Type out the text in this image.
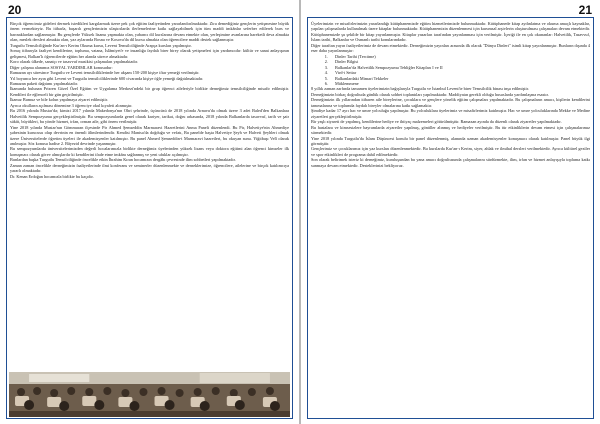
20

Birçok öğrencimiz gideleri dermek istedikleri kargılarmak üzere pek çok eğitim faaliyetinden yararlandırılmaktadır. Zira demediğiniz gençlerin yetişmesine büyük önem vermekteyiz. Bu itibarla, başarılı gençlerimizin ulaştırılarda ilerlemelerine katkı sağlayabilmek için tüm maddi imkânlar seferber edilerek burs ve barınaklardan sağlanmıştır. Bu gençlerde Yüksek lisansı yapmakta olan, yabancı dil kurslarına devam etmekte olan, yerleşimine avanlarına hareketli deva almakta olan, meslek dersleri almakta olan, yaz aylarında Bosna ve Kosova'da dil kursu almakta olan öğrencilere maddi destek sağlanmıştır.

Turgutlu Temsilciliğinde Kur'an-ı Kerim Okuma kursu, Levent Temsilciliğinde Arapça kursları yapılmıştır.

Sonuç itibarıyla faaliyet kendilerine, topluma, vatana, İslâmiyet'e ve insanlığa faydalı birer birey olarak yetişmeleri için yardımcıdır: kültür ve sanat anlayışının gelişmesi, Balkan'lı öğrencilerde eğitim her alanda sürece almaktadır.

Koro olarak ülkede, sanatçı ve tasavvuf musikisi çalışmaları yapılmaktadır.

Diğer çalışma alanımız SOSYAL YARDIMLAR konusudur:

Ramazan ayı süresince Turgutlu ve Levent temsilciliklerinde her akşam 150-200 kişiye iftar yemeği verilmiştir.

Yıl boyunca her ayın gibi Levent ve Turgutlu temsilciliklerinde 600 civarında kişiye öğle yemeği dağıtılmaktadır.

Ramazan paketi dağıtımı yapılmaktadır.

İkamında bulunan Prizren Gözel Özel Eğitim ve Uygulama Merkezi'ndeki bir grup öğrenci aileleriyle birlikte derneğimiz temsilciliğinde misafir edilmiştir. Kendileri ile eğlenceli bir gün geçirilmiştir.

İkamız Bumuz ve bile kolun yapılmaya ziyaret edilmiştir.

Ayrıca okulların açılması dönemine 3 öğrenciye okul kıyafeti alınmıştır.

Bu 2016 yılında Mustar'da; kimizi 2017 yılında Makedonya'nın Ohri şehrinde, üçüncüsü de 2018 yılında Arnavu'da olmak üzere 3 adet Baled'den Balkanlara Halvetilik Sempozyumu gerçekleştirilmiştir. Bu sempozyumlarda genel olarak kariyer, tarikat, doğru arkasında, 2018 yılında Balkanlarda tasavvuf, tarih ve şair sükût, büyükleri, bu yönde hizmet, irfan, orman aile, gibi önem verilmiştir.

Yine 2018 yılında Mustar'nın Gömmuran ilçesinde Pir Ahmed Şemseddin Marmaravi Hazretlerini Anma Paneli düzenlendi. Bu Pir, Halvetiye'nin Ahmediye şubesinin kurucusu olup devrinin en önemli âlimlerindendir. Kendisi Manisa'da doğduğu ve vefatı, Bu panelde başta Halvetiye Şeyh ve Halveti Şeyhleri olmak üzere Üniversitelerde öğretim üyeleri ile akademisyenler katılmıştır. Bu panel Ahmed Şemseddin-i Marmaravi hazretleri, bu okuyan sunu. Yiğitbaşı Velî olarak anılmıştır. Söz konusu hadise 2. Bâyezid devrinde yaşanmıştır.

Bu sempozyumlarda üniversitelerimizden değerli hocalarımızla birlikte derneğimiz üyelerinden yüksek lisans veya doktora eğitimi alan öğrenci kimseler ilk konuşmacı olarak görev almışlardır ki kendilerini ifade etme imkânı sağlanmış ve yeni ufuklar açılmıştır.

Bunlardan başka Turgutlu Temsilciliğinde öncelikle etkin İbrahim Kıran hocamızın dergâhı çevresinde ilim sohbetleri yapılmaktadır.

Zaman zaman öncelikle derneğimizin faaliyetlerinde ilmi konferans ve seminerler düzenlenmekte ve derneklerimize, öğrencilere, ailelerine ve birçok katılımcıya yararlı olmaktadır.

Dr. Kenan Erdoğan hocamızla birlikte bu kaçıdır.

21

Üyelerimizin ve misafirlerimizin yararlandığı kütüphanemizde eğitim hizmetlerimizde bulunmaktadır. Kütüphanede kitap aydınlatma ve okuma amaçlı kaynaklar, yapılan çalışmalarda kullanılmak üzere kitaplar bulunmaktadır. Kütüphanemizin düzenlenmesi için kurumsal arşivlerin oluşturulması çalışmaları devam etmektedir.

Kütüphanemizde şu şekilde bir kitap yayınlanmıştır. Kitaplar yazarları tarafından yayınlanması için verilmiştir. İçeriği ile en çok okunanlar: Halvetilik, Tasavvuf, İslam tarihi, Balkanlar ve Osmanlı tarihi konularındadır.

Diğer taraftan yayın faaliyetlerimiz de devam etmektedir. Derneğimizin yayınları arasında ilk olarak "Dünya Dinleri" isimli kitap yayınlanmıştır. Bunların dışında 4 eser daha yayınlanmıştır:

1. Dinler Tarihi (Tercüme)
2. Dinler Bilgisi
3. Balkanlar'da Halvetilik Sempozyumu Tebliğler Kitapları I ve II
4. Vird-i Settar
5. Balkanlardaki Mimari Tekkeler
6. Müklemmene

8 yıllık zaman zarfında tamamen üyelerimizin bağışlarıyla Turgutlu ve İstanbul Levent'te birer Temsilcilik binası inşa edilmiştir.

Derneğimizin birkaç doğrultuda günlük olarak sohbet toplantıları yapılmaktadır. Maddiyatın gerekli olduğu hususlarda yardımlaşma esastır.

Derneğimizin ilk yıllarından itibaren aile bireylerine, çocuklara ve gençlere yönelik eğitim çalışmaları yapılmaktadır. Bu çalışmaların amacı, kişilerin kendilerini tanımalarına ve toplumda faydalı bireyler olmalarına katkı sağlamaktır.

Şimdiye kadar 17 ayrı hac ve umre yolculuğu yapılmıştır. Bu yolculuklara üyelerimiz ve misafirlerimiz katılmıştır. Hac ve umre yolculuklarında Mekke ve Medine ziyaretleri gerçekleştirilmiştir.

Bir yaşlı ziyareti de yapılmış, kendilerine hediye ve ihtiyaç malzemeleri götürülmüştür. Ramazan ayında da düzenli olarak ziyaretler yapılmaktadır.

Bu hastalara ve kimsesizlere bayramlarda ziyaretler yapılmış, gönüller alınmış ve hediyeler verilmiştir. Bu tür etkinliklerin devam etmesi için çalışmalarımız sürmektedir.

Yine 2018 yılında Turgutlu'da İslam Düşüncesi konulu bir panel düzenlenmiş, alanında uzman akademisyenler konuşmacı olarak katılmıştır. Panel büyük ilgi görmüştür.

Gençlerimiz ve çocuklarımız için yaz kursları düzenlenmektedir. Bu kurslarda Kur'an-ı Kerim, siyer, ahlak ve ilmihal dersleri verilmektedir. Ayrıca kültürel geziler ve spor etkinlikleri de programa dahil edilmektedir.

Son olarak belirtmek isteriz ki derneğimiz, kuruluşundan bu yana amacı doğrultusunda çalışmalarını sürdürmekte, ilim, irfan ve hizmet anlayışıyla topluma katkı sunmaya devam etmektedir. Desteklerinizi bekliyoruz.
